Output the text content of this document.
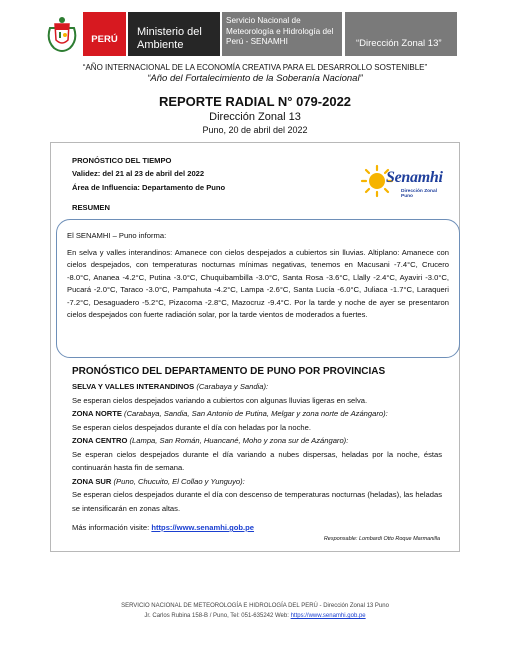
PERÚ
Ministerio del Ambiente
Servicio Nacional de Meteorología e Hidrología del Perú - SENAMHI	“Dirección Zonal 13”
“AÑO INTERNACIONAL DE LA ECONOMÍA CREATIVA PARA EL DESARROLLO SOSTENIBLE”
“Año del Fortalecimiento de la Soberanía Nacional”
REPORTE RADIAL N° 079-2022
Dirección Zonal 13
Puno, 20 de abril del 2022
PRONÓSTICO DEL TIEMPO
Validez: del 21 al 23 de abril del 2022
Área de Influencia: Departamento de Puno
RESUMEN
Senamhi
Dirección Zonal Puno

El SENAMHI – Puno informa:

En selva y valles interandinos: Amanece con cielos despejados a cubiertos sin lluvias. Altiplano: Amanece con cielos despejados, con temperaturas nocturnas mínimas negativas, tenemos en Macusani -7.4°C, Crucero -8.0°C, Ananea -4.2°C, Putina -3.0°C, Chuquibambilla -3.0°C, Santa Rosa -3.6°C, Llally -2.4°C, Ayaviri -3.0°C, Pucará -2.0°C, Taraco -3.0°C, Pampahuta -4.2°C, Lampa -2.6°C, Santa Lucía -6.0°C, Juliaca -1.7°C, Laraqueri -7.2°C, Desaguadero -5.2°C, Pizacoma -2.8°C, Mazocruz -9.4°C. Por la tarde y noche de ayer se presentaron cielos despejados con fuerte radiación solar, por la tarde vientos de moderados a fuertes.

PRONÓSTICO DEL DEPARTAMENTO DE PUNO POR PROVINCIAS

SELVA Y VALLES INTERANDINOS (Carabaya y Sandia):

Se esperan cielos despejados variando a cubiertos con algunas lluvias ligeras en selva.

ZONA NORTE (Carabaya, Sandia, San Antonio de Putina, Melgar y zona norte de Azángaro):

Se esperan cielos despejados durante el día con heladas por la noche.

ZONA CENTRO (Lampa, San Román, Huancané, Moho y zona sur de Azángaro):

Se esperan cielos despejados durante el día variando a nubes dispersas, heladas por la noche, éstas continuarán hasta fin de semana.

ZONA SUR (Puno, Chucuito, El Collao y Yunguyo):

Se esperan cielos despejados durante el día con descenso de temperaturas nocturnas (heladas), las heladas se intensificarán en zonas altas.

Más información visite: https://www.senamhi.gob.pe

Responsable: Lombardi Otto Roque Marmanilla
SERVICIO NACIONAL DE METEOROLOGÍA E HIDROLOGÍA DEL PERÚ - Dirección Zonal 13 Puno
Jr. Carlos Rubina 158-B / Puno, Tel: 051-635242 Web: https://www.senamhi.gob.pe
